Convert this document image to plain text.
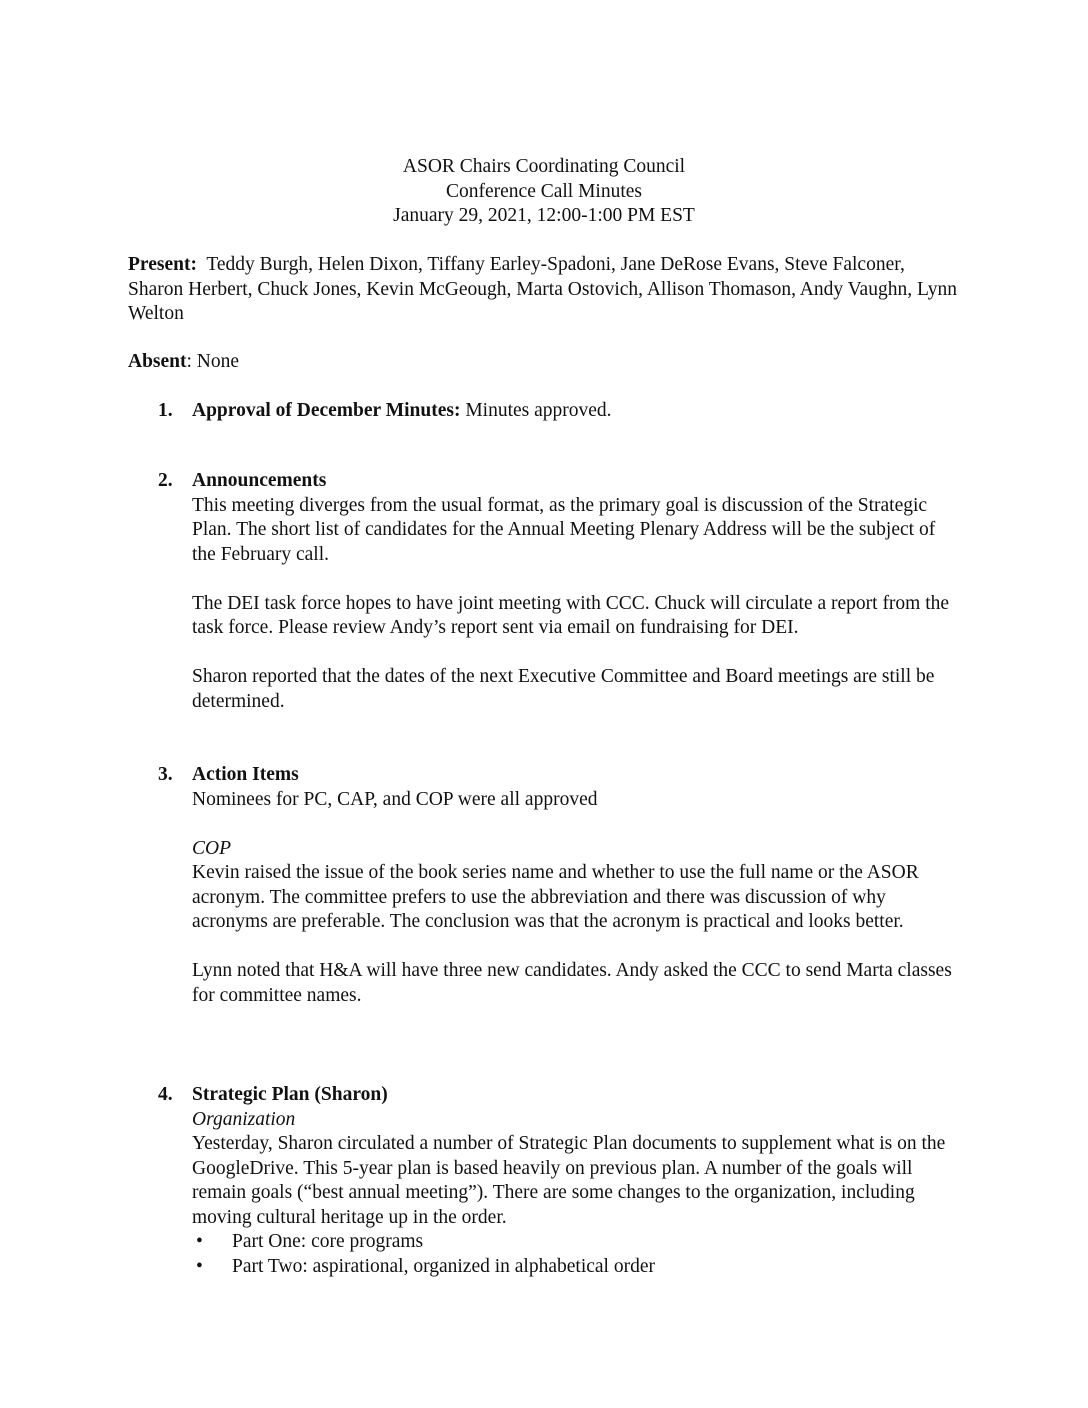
ASOR Chairs Coordinating Council
Conference Call Minutes
January 29, 2021, 12:00-1:00 PM EST

Present:  Teddy Burgh, Helen Dixon, Tiffany Earley-Spadoni, Jane DeRose Evans, Steve Falconer, Sharon Herbert, Chuck Jones, Kevin McGeough, Marta Ostovich, Allison Thomason, Andy Vaughn, Lynn Welton

Absent: None

1. Approval of December Minutes: Minutes approved.

2. Announcements

This meeting diverges from the usual format, as the primary goal is discussion of the Strategic Plan. The short list of candidates for the Annual Meeting Plenary Address will be the subject of the February call.

The DEI task force hopes to have joint meeting with CCC. Chuck will circulate a report from the task force. Please review Andy’s report sent via email on fundraising for DEI.

Sharon reported that the dates of the next Executive Committee and Board meetings are still be determined.

3. Action Items

Nominees for PC, CAP, and COP were all approved

COP

Kevin raised the issue of the book series name and whether to use the full name or the ASOR acronym. The committee prefers to use the abbreviation and there was discussion of why acronyms are preferable. The conclusion was that the acronym is practical and looks better.

Lynn noted that H&A will have three new candidates. Andy asked the CCC to send Marta classes for committee names.

4. Strategic Plan (Sharon)

Organization

Yesterday, Sharon circulated a number of Strategic Plan documents to supplement what is on the GoogleDrive. This 5-year plan is based heavily on previous plan. A number of the goals will remain goals (“best annual meeting”). There are some changes to the organization, including moving cultural heritage up in the order.

• Part One: core programs
• Part Two: aspirational, organized in alphabetical order
